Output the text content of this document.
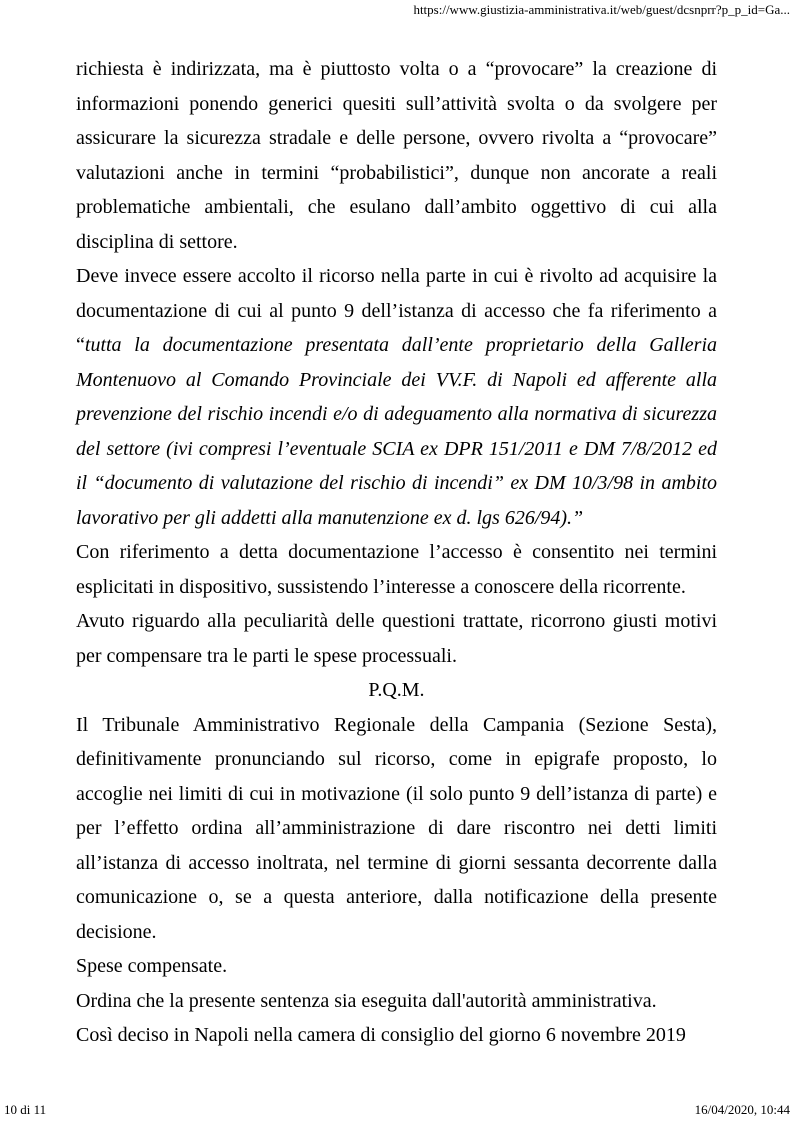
https://www.giustizia-amministrativa.it/web/guest/dcsnprr?p_p_id=Ga...

richiesta è indirizzata, ma è piuttosto volta o a “provocare” la creazione di informazioni ponendo generici quesiti sull’attività svolta o da svolgere per assicurare la sicurezza stradale e delle persone, ovvero rivolta a “provocare” valutazioni anche in termini “probabilistici”, dunque non ancorate a reali problematiche ambientali, che esulano dall’ambito oggettivo di cui alla disciplina di settore.

Deve invece essere accolto il ricorso nella parte in cui è rivolto ad acquisire la documentazione di cui al punto 9 dell’istanza di accesso che fa riferimento a “tutta la documentazione presentata dall’ente proprietario della Galleria Montenuovo al Comando Provinciale dei VV.F. di Napoli ed afferente alla prevenzione del rischio incendi e/o di adeguamento alla normativa di sicurezza del settore (ivi compresi l’eventuale SCIA ex DPR 151/2011 e DM 7/8/2012 ed il “documento di valutazione del rischio di incendi” ex DM 10/3/98 in ambito lavorativo per gli addetti alla manutenzione ex d. lgs 626/94).”

Con riferimento a detta documentazione l’accesso è consentito nei termini esplicitati in dispositivo, sussistendo l’interesse a conoscere della ricorrente.

Avuto riguardo alla peculiarità delle questioni trattate, ricorrono giusti motivi per compensare tra le parti le spese processuali.

P.Q.M.

Il Tribunale Amministrativo Regionale della Campania (Sezione Sesta), definitivamente pronunciando sul ricorso, come in epigrafe proposto, lo accoglie nei limiti di cui in motivazione (il solo punto 9 dell’istanza di parte) e per l’effetto ordina all’amministrazione di dare riscontro nei detti limiti all’istanza di accesso inoltrata, nel termine di giorni sessanta decorrente dalla comunicazione o, se a questa anteriore, dalla notificazione della presente decisione.

Spese compensate.

Ordina che la presente sentenza sia eseguita dall'autorità amministrativa.

Così deciso in Napoli nella camera di consiglio del giorno 6 novembre 2019

10 di 11	16/04/2020, 10:44
